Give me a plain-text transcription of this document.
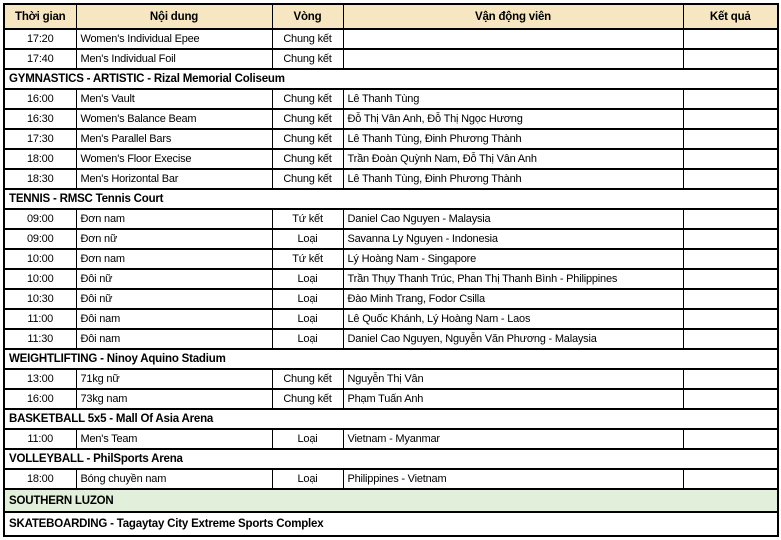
Thời gian	Nội dung	Vòng	Vận động viên	Kết quả
17:20	Women's Individual Epee	Chung kết		
17:40	Men's Individual Foil	Chung kết		
GYMNASTICS - ARTISTIC - Rizal Memorial Coliseum				
16:00	Men's Vault	Chung kết	Lê Thanh Tùng	
16:30	Women's Balance Beam	Chung kết	Đỗ Thị Vân Anh, Đỗ Thị Ngọc Hương	
17:30	Men's Parallel Bars	Chung kết	Lê Thanh Tùng, Đinh Phương Thành	
18:00	Women's Floor Execise	Chung kết	Trần Đoàn Quỳnh Nam, Đỗ Thị Vân Anh	
18:30	Men's Horizontal Bar	Chung kết	Lê Thanh Tùng, Đinh Phương Thành	
TENNIS - RMSC Tennis Court				
09:00	Đơn nam	Tứ kết	Daniel Cao Nguyen - Malaysia	
09:00	Đơn nữ	Loại	Savanna Ly Nguyen - Indonesia	
10:00	Đơn nam	Tứ kết	Lý Hoàng Nam - Singapore	
10:00	Đôi nữ	Loại	Trần Thụy Thanh Trúc, Phan Thị Thanh Bình - Philippines	
10:30	Đôi nữ	Loại	Đào Minh Trang, Fodor Csilla	
11:00	Đôi nam	Loại	Lê Quốc Khánh, Lý Hoàng Nam - Laos	
11:30	Đôi nam	Loại	Daniel Cao Nguyen, Nguyễn Văn Phương - Malaysia	
WEIGHTLIFTING - Ninoy Aquino Stadium				
13:00	71kg nữ	Chung kết	Nguyễn Thị Vân	
16:00	73kg nam	Chung kết	Phạm Tuấn Anh	
BASKETBALL 5x5 - Mall Of Asia Arena				
11:00	Men's Team	Loại	Vietnam - Myanmar	
VOLLEYBALL - PhilSports Arena				
18:00	Bóng chuyền nam	Loại	Philippines - Vietnam	
SOUTHERN LUZON				
SKATEBOARDING - Tagaytay City Extreme Sports Complex				
